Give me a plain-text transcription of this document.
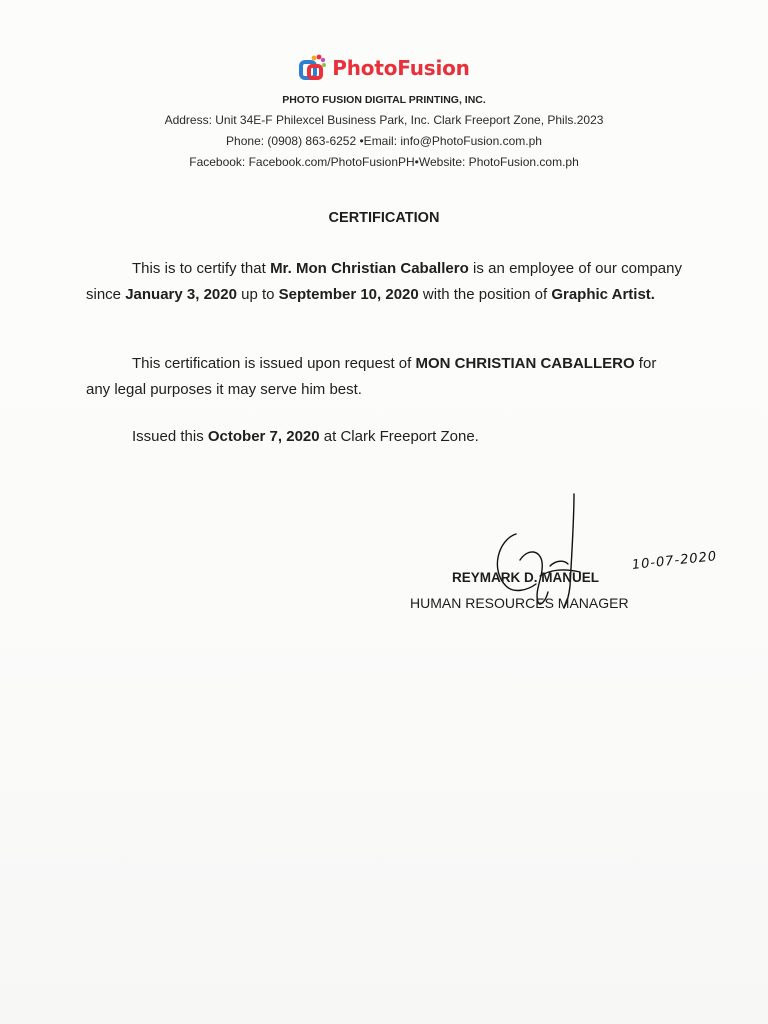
PhotoFusion
PHOTO FUSION DIGITAL PRINTING, INC.
Address: Unit 34E-F Philexcel Business Park, Inc. Clark Freeport Zone, Phils.2023
Phone: (0908) 863-6252 •Email: info@PhotoFusion.com.ph
Facebook: Facebook.com/PhotoFusionPH•Website: PhotoFusion.com.ph
CERTIFICATION
This is to certify that Mr. Mon Christian Caballero is an employee of our company since January 3, 2020 up to September 10, 2020 with the position of Graphic Artist.
This certification is issued upon request of MON CHRISTIAN CABALLERO for any legal purposes it may serve him best.
Issued this October 7, 2020 at Clark Freeport Zone.
10-07-2020
REYMARK D. MANUEL
HUMAN RESOURCES MANAGER
